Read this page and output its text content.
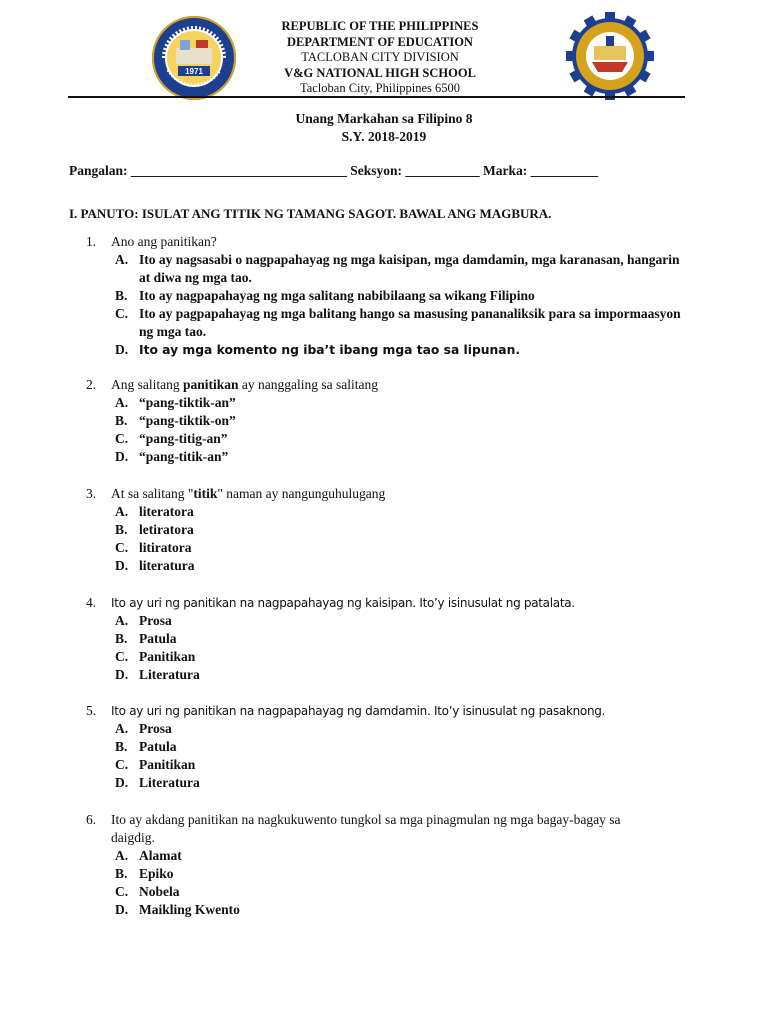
1971
REPUBLIC OF THE PHILIPPINES
DEPARTMENT OF EDUCATION
TACLOBAN CITY DIVISION
V&G NATIONAL HIGH SCHOOL
Tacloban City, Philippines 6500
Unang Markahan sa Filipino 8
S.Y. 2018-2019
Pangalan: ________________________________ Seksyon: ___________ Marka: __________
I. PANUTO: ISULAT ANG TITIK NG TAMANG SAGOT. BAWAL ANG MAGBURA.
1. Ano ang panitikan?
A. Ito ay nagsasabi o nagpapahayag ng mga kaisipan, mga damdamin, mga karanasan, hangarin at diwa ng mga tao.
B. Ito ay nagpapahayag ng mga salitang nabibilaang sa wikang Filipino
C. Ito ay pagpapahayag ng mga balitang hango sa masusing pananaliksik para sa impormaasyon ng mga tao.
D. Ito ay mga komento ng iba’t ibang mga tao sa lipunan.
2. Ang salitang panitikan ay nanggaling sa salitang
A. “pang-tiktik-an”
B. “pang-tiktik-on”
C. “pang-titig-an”
D. “pang-titik-an”
3. At sa salitang "titik" naman ay nangunguhulugang
A. literatora
B. letiratora
C. litiratora
D. literatura
4. Ito ay uri ng panitikan na nagpapahayag ng kaisipan. Ito’y isinusulat ng patalata.
A. Prosa
B. Patula
C. Panitikan
D. Literatura
5. Ito ay uri ng panitikan na nagpapahayag ng damdamin. Ito’y isinusulat ng pasaknong.
A. Prosa
B. Patula
C. Panitikan
D. Literatura
6. Ito ay akdang panitikan na nagkukuwento tungkol sa mga pinagmulan ng mga bagay-bagay sa daigdig.
A. Alamat
B. Epiko
C. Nobela
D. Maikling Kwento
